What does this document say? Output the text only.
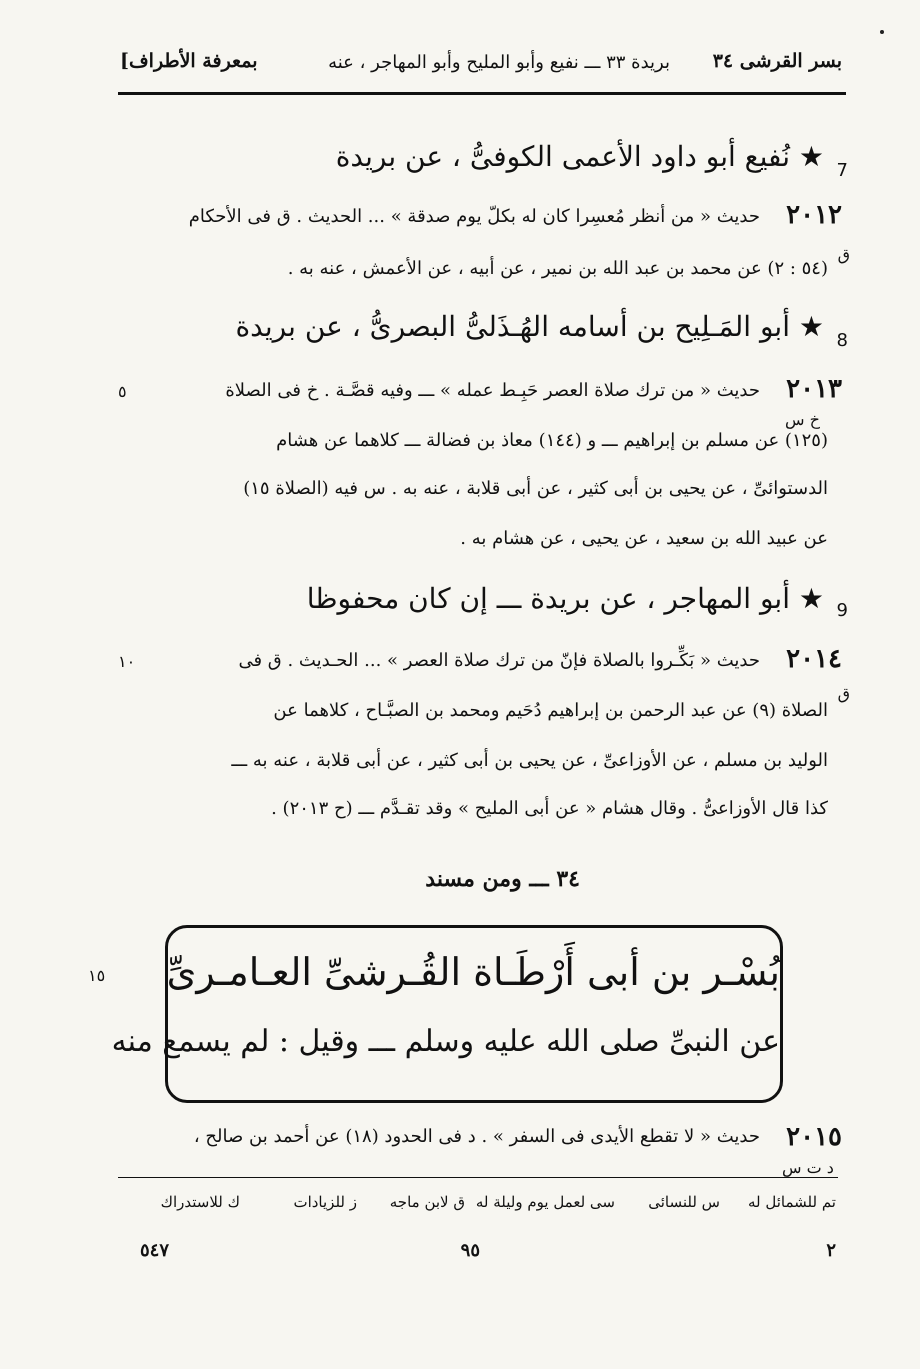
بسر القرشى ٣٤
بريدة ٣٣ ـــ نفيع وأبو المليح وأبو المهاجر ، عنه
بمعرفة الأطراف]
7
★ نُفيع أبو داود الأعمى الكوفىُّ ، عن بريدة
٢٠١٢
حديث « من أنظر مُعسِرا كان له بكلّ يوم صدقة » ... الحديث . ق فى الأحكام
ق
(٥٤ : ٢) عن محمد بن عبد الله بن نمير ، عن أبيه ، عن الأعمش ، عنه به .
8
★ أبو المَـلِيح بن أسامه الهُـذَلىُّ البصرىُّ ، عن بريدة
٢٠١٣
حديث « من ترك صلاة العصر حَبِـط عمله » ـــ وفيه قصَّـة . خ فى الصلاة
خ س
٥
(١٢٥) عن مسلم بن إبراهيم ـــ و (١٤٤) معاذ بن فضالة ـــ كلاهما عن هشام
الدستوائىِّ ، عن يحيى بن أبى كثير ، عن أبى قلابة ، عنه به . س فيه (الصلاة ١٥)
عن عبيد الله بن سعيد ، عن يحيى ، عن هشام به .
9
★ أبو المهاجر ، عن بريدة ـــ إن كان محفوظا
٢٠١٤
حديث « بَكِّـروا بالصلاة فإنّ من ترك صلاة العصر » ... الحـديث . ق فى
ق
١٠
الصلاة (٩) عن عبد الرحمن بن إبراهيم دُحَيم ومحمد بن الصبَّـاح ، كلاهما عن
الوليد بن مسلم ، عن الأوزاعىِّ ، عن يحيى بن أبى كثير ، عن أبى قلابة ، عنه به ـــ
كذا قال الأوزاعىُّ . وقال هشام « عن أبى المليح » وقد تقـدَّم ـــ (ح ٢٠١٣) .
٣٤ ـــ ومن مسند
١٥ بُسْـر بن أبى أَرْطَـاة القُـرشىِّ العـامـرىِّ
عن النبىِّ صلى الله عليه وسلم ـــ وقيل : لم يسمع منه
٢٠١٥
حديث « لا تقطع الأيدى فى السفر » . د فى الحدود (١٨) عن أحمد بن صالح ،
د ت س
تم للشمائل له
س للنسائى
سى لعمل يوم وليلة له
ق لابن ماجه
ز للزيادات
ك للاستدراك
٢
٩٥
٥٤٧
